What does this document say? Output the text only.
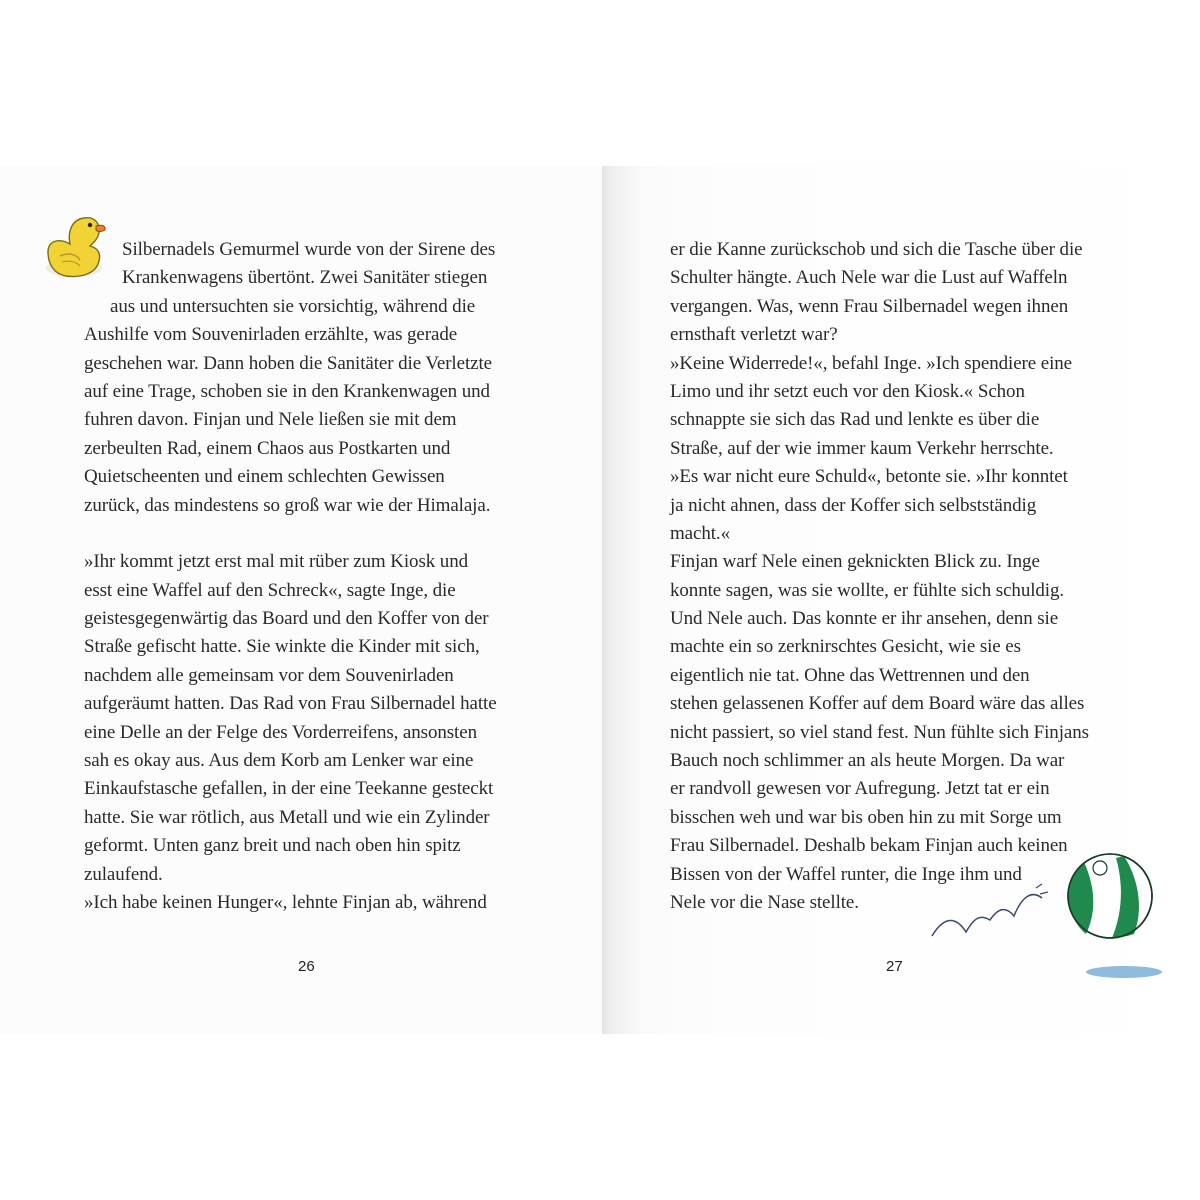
Silbernadels Gemurmel wurde von der Sirene des
Krankenwagens übertönt. Zwei Sanitäter stiegen
aus und untersuchten sie vorsichtig, während die
Aushilfe vom Souvenirladen erzählte, was gerade
geschehen war. Dann hoben die Sanitäter die Verletzte
auf eine Trage, schoben sie in den Krankenwagen und
fuhren davon. Finjan und Nele ließen sie mit dem
zerbeulten Rad, einem Chaos aus Postkarten und
Quietscheenten und einem schlechten Gewissen
zurück, das mindestens so groß war wie der Himalaja.
»Ihr kommt jetzt erst mal mit rüber zum Kiosk und
esst eine Waffel auf den Schreck«, sagte Inge, die
geistesgegenwärtig das Board und den Koffer von der
Straße gefischt hatte. Sie winkte die Kinder mit sich,
nachdem alle gemeinsam vor dem Souvenirladen
aufgeräumt hatten. Das Rad von Frau Silbernadel hatte
eine Delle an der Felge des Vorderreifens, ansonsten
sah es okay aus. Aus dem Korb am Lenker war eine
Einkaufstasche gefallen, in der eine Teekanne gesteckt
hatte. Sie war rötlich, aus Metall und wie ein Zylinder
geformt. Unten ganz breit und nach oben hin spitz
zulaufend.
»Ich habe keinen Hunger«, lehnte Finjan ab, während
26
er die Kanne zurückschob und sich die Tasche über die
Schulter hängte. Auch Nele war die Lust auf Waffeln
vergangen. Was, wenn Frau Silbernadel wegen ihnen
ernsthaft verletzt war?
»Keine Widerrede!«, befahl Inge. »Ich spendiere eine
Limo und ihr setzt euch vor den Kiosk.« Schon
schnappte sie sich das Rad und lenkte es über die
Straße, auf der wie immer kaum Verkehr herrschte.
»Es war nicht eure Schuld«, betonte sie. »Ihr konntet
ja nicht ahnen, dass der Koffer sich selbstständig
macht.«
Finjan warf Nele einen geknickten Blick zu. Inge
konnte sagen, was sie wollte, er fühlte sich schuldig.
Und Nele auch. Das konnte er ihr ansehen, denn sie
machte ein so zerknirschtes Gesicht, wie sie es
eigentlich nie tat. Ohne das Wettrennen und den
stehen gelassenen Koffer auf dem Board wäre das alles
nicht passiert, so viel stand fest. Nun fühlte sich Finjans
Bauch noch schlimmer an als heute Morgen. Da war
er randvoll gewesen vor Aufregung. Jetzt tat er ein
bisschen weh und war bis oben hin zu mit Sorge um
Frau Silbernadel. Deshalb bekam Finjan auch keinen
Bissen von der Waffel runter, die Inge ihm und
Nele vor die Nase stellte.
27
